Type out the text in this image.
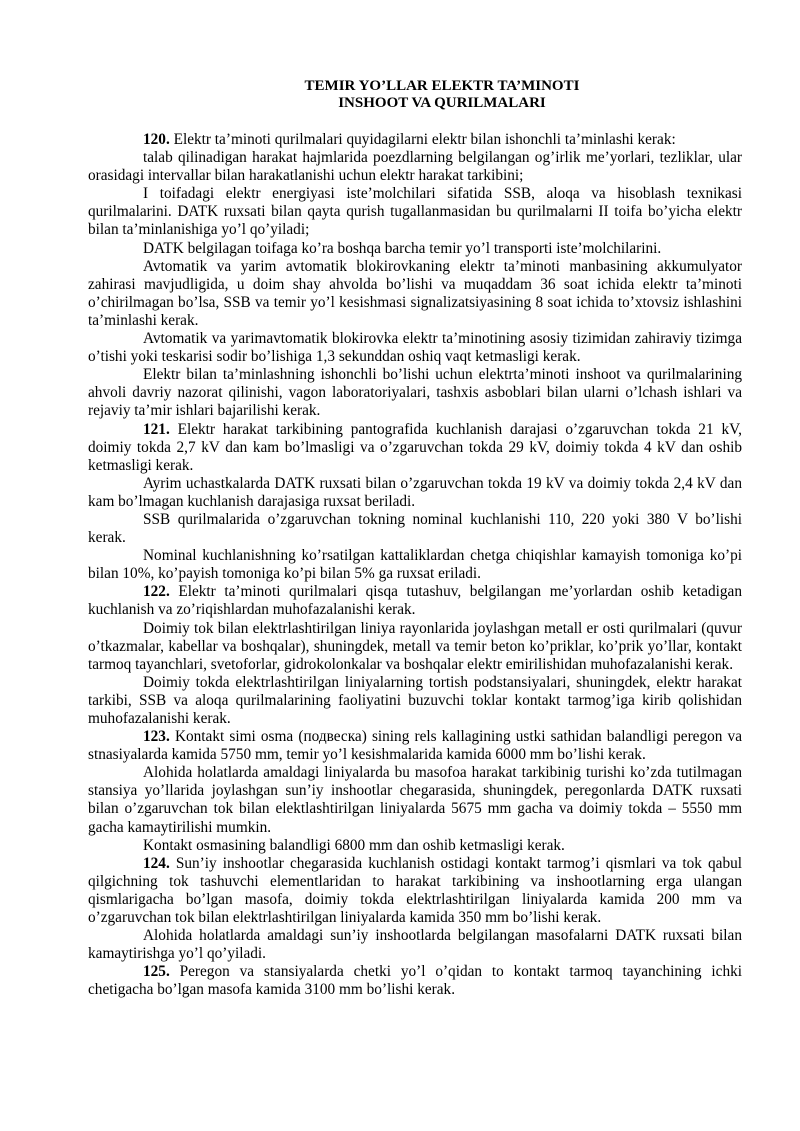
TEMIR YO’LLAR ELEKTR TA’MINOTI
INSHOOT VA QURILMALARI

120. Elektr ta’minoti qurilmalari quyidagilarni elektr bilan ishonchli ta’minlashi kerak:

talab qilinadigan harakat hajmlarida poezdlarning belgilangan og’irlik me’yorlari, tezliklar, ular orasidagi intervallar bilan harakatlanishi uchun elektr harakat tarkibini;

I toifadagi elektr energiyasi iste’molchilari sifatida SSB, aloqa va hisoblash texnikasi qurilmalarini. DATK ruxsati bilan qayta qurish tugallanmasidan bu qurilmalarni II toifa bo’yicha elektr bilan ta’minlanishiga yo’l qo’yiladi;

DATK belgilagan toifaga ko’ra boshqa barcha temir yo’l transporti iste’molchilarini.

Avtomatik va yarim avtomatik blokirovkaning elektr ta’minoti manbasining akkumulyator zahirasi mavjudligida, u doim shay ahvolda bo’lishi va muqaddam 36 soat ichida elektr ta’minoti o’chirilmagan bo’lsa, SSB va temir yo’l kesishmasi signalizatsiyasining 8 soat ichida to’xtovsiz ishlashini ta’minlashi kerak.

Avtomatik va yarimavtomatik blokirovka elektr ta’minotining asosiy tizimidan zahiraviy tizimga o’tishi yoki teskarisi sodir bo’lishiga 1,3 sekunddan oshiq vaqt ketmasligi kerak.

Elektr bilan ta’minlashning ishonchli bo’lishi uchun elektrta’minoti inshoot va qurilmalarining ahvoli davriy nazorat qilinishi, vagon laboratoriyalari, tashxis asboblari bilan ularni o’lchash ishlari va rejaviy ta’mir ishlari bajarilishi kerak.

121. Elektr harakat tarkibining pantografida kuchlanish darajasi o’zgaruvchan tokda 21 kV, doimiy tokda 2,7 kV dan kam bo’lmasligi va o’zgaruvchan tokda 29 kV, doimiy tokda 4 kV dan oshib ketmasligi kerak.

Ayrim uchastkalarda DATK ruxsati bilan o’zgaruvchan tokda 19 kV va doimiy tokda 2,4 kV dan kam bo’lmagan kuchlanish darajasiga ruxsat beriladi.

SSB qurilmalarida o’zgaruvchan tokning nominal kuchlanishi 110, 220 yoki 380 V bo’lishi kerak.

Nominal kuchlanishning ko’rsatilgan kattaliklardan chetga chiqishlar kamayish tomoniga ko’pi bilan 10%, ko’payish tomoniga ko’pi bilan 5% ga ruxsat eriladi.

122. Elektr ta’minoti qurilmalari qisqa tutashuv, belgilangan me’yorlardan oshib ketadigan kuchlanish va zo’riqishlardan muhofazalanishi kerak.

Doimiy tok bilan elektrlashtirilgan liniya rayonlarida joylashgan metall er osti qurilmalari (quvur o’tkazmalar, kabellar va boshqalar), shuningdek, metall va temir beton ko’priklar, ko’prik yo’llar, kontakt tarmoq tayanchlari, svetoforlar, gidrokolonkalar va boshqalar elektr emirilishidan muhofazalanishi kerak.

Doimiy tokda elektrlashtirilgan liniyalarning tortish podstansiyalari, shuningdek, elektr harakat tarkibi, SSB va aloqa qurilmalarining faoliyatini buzuvchi toklar kontakt tarmog’iga kirib qolishidan muhofazalanishi kerak.

123. Kontakt simi osma (подвеска) sining rels kallagining ustki sathidan balandligi peregon va stnasiyalarda kamida 5750 mm, temir yo’l kesishmalarida kamida 6000 mm bo’lishi kerak.

Alohida holatlarda amaldagi liniyalarda bu masofoa harakat tarkibinig turishi ko’zda tutilmagan stansiya yo’llarida joylashgan sun’iy inshootlar chegarasida, shuningdek, peregonlarda DATK ruxsati bilan o’zgaruvchan tok bilan elektlashtirilgan liniyalarda 5675 mm gacha va doimiy tokda – 5550 mm gacha kamaytirilishi mumkin.

Kontakt osmasining balandligi 6800 mm dan oshib ketmasligi kerak.

124. Sun’iy inshootlar chegarasida kuchlanish ostidagi kontakt tarmog’i qismlari va tok qabul qilgichning tok tashuvchi elementlaridan to harakat tarkibining va inshootlarning erga ulangan qismlarigacha bo’lgan masofa, doimiy tokda elektrlashtirilgan liniyalarda kamida 200 mm va o’zgaruvchan tok bilan elektrlashtirilgan liniyalarda kamida 350 mm bo’lishi kerak.

Alohida holatlarda amaldagi sun’iy inshootlarda belgilangan masofalarni DATK ruxsati bilan kamaytirishga yo’l qo’yiladi.

125. Peregon va stansiyalarda chetki yo’l o’qidan to kontakt tarmoq tayanchining ichki chetigacha bo’lgan masofa kamida 3100 mm bo’lishi kerak.
